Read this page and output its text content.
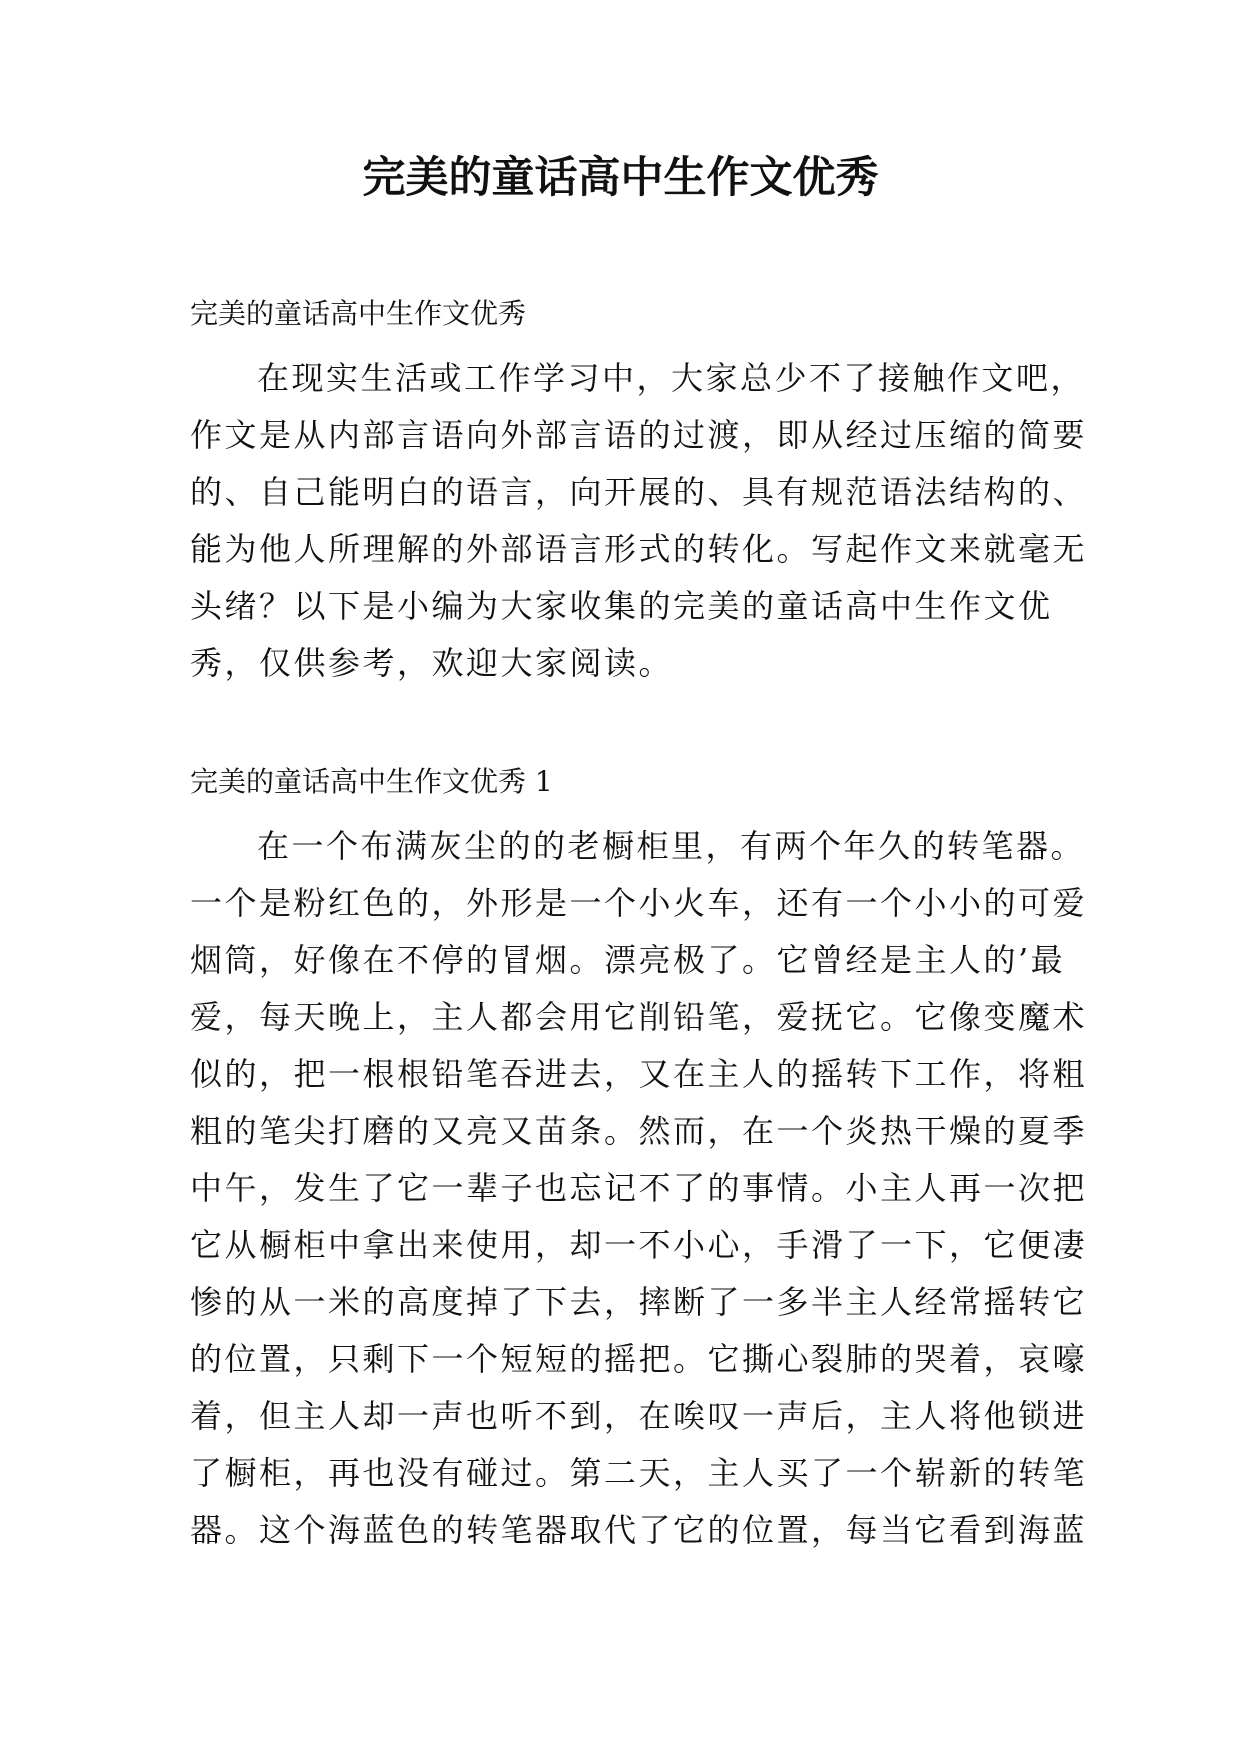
完美的童话高中生作文优秀

完美的童话高中生作文优秀

在现实生活或工作学习中，大家总少不了接触作文吧，
作文是从内部言语向外部言语的过渡，即从经过压缩的简要
的、自己能明白的语言，向开展的、具有规范语法结构的、
能为他人所理解的外部语言形式的转化。写起作文来就毫无
头绪？以下是小编为大家收集的完美的童话高中生作文优
秀，仅供参考，欢迎大家阅读。

完美的童话高中生作文优秀 1

在一个布满灰尘的的老橱柜里，有两个年久的转笔器。
一个是粉红色的，外形是一个小火车，还有一个小小的可爱
烟筒，好像在不停的冒烟。漂亮极了。它曾经是主人的’最
爱，每天晚上，主人都会用它削铅笔，爱抚它。它像变魔术
似的，把一根根铅笔吞进去，又在主人的摇转下工作，将粗
粗的笔尖打磨的又亮又苗条。然而，在一个炎热干燥的夏季
中午，发生了它一辈子也忘记不了的事情。小主人再一次把
它从橱柜中拿出来使用，却一不小心，手滑了一下，它便凄
惨的从一米的高度掉了下去，摔断了一多半主人经常摇转它
的位置，只剩下一个短短的摇把。它撕心裂肺的哭着，哀嚎
着，但主人却一声也听不到，在唉叹一声后，主人将他锁进
了橱柜，再也没有碰过。第二天，主人买了一个崭新的转笔
器。这个海蓝色的转笔器取代了它的位置，每当它看到海蓝
